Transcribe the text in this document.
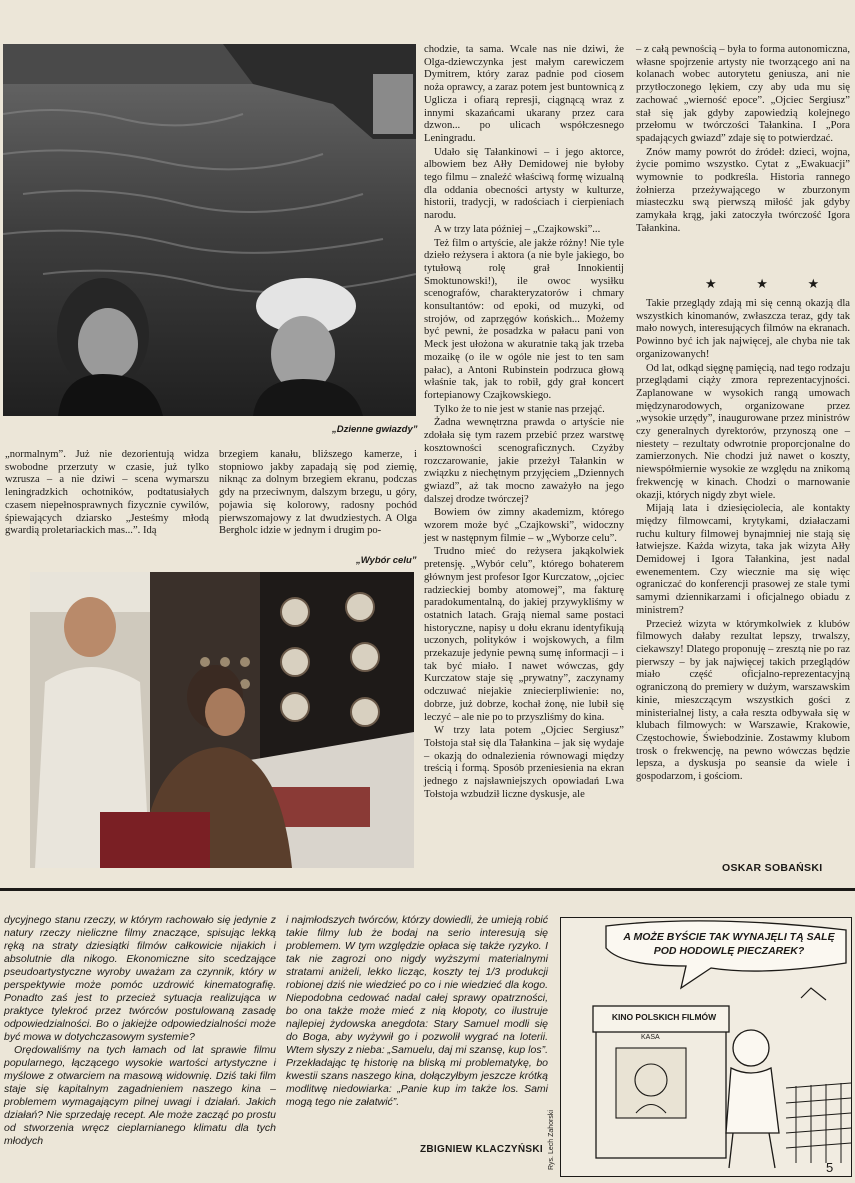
„Dzienne gwiazdy”

„normalnym”. Już nie dezorientują widza swobodne przerzuty w czasie, już tylko wzrusza – a nie dziwi – scena wymarszu leningradzkich ochotników, podtatusiałych czasem niepełnosprawnych fizycznie cywilów, śpiewających dziarsko „Jesteśmy młodą gwardią proletariackich mas...”. Idą

brzegiem kanału, bliższego kamerze, i stopniowo jakby zapadają się pod ziemię, niknąc za dolnym brzegiem ekranu, podczas gdy na przeciwnym, dalszym brzegu, u góry, pojawia się kolorowy, radosny pochód pierwszomajowy z lat dwudziestych. A Olga Bergholc idzie w jednym i drugim po-

„Wybór celu”

chodzie, ta sama. Wcale nas nie dziwi, że Olga-dziewczynka jest małym carewiczem Dymitrem, który zaraz padnie pod ciosem noża oprawcy, a zaraz potem jest buntownicą z Uglicza i ofiarą represji, ciągnącą wraz z innymi skazańcami ukarany przez cara dzwon... po ulicach współczesnego Leningradu.

Udało się Tałankinowi – i jego aktorce, albowiem bez Ałły Demidowej nie byłoby tego filmu – znaleźć właściwą formę wizualną dla oddania obecności artysty w kulturze, historii, tradycji, w radościach i cierpieniach narodu.

A w trzy lata później – „Czajkowski”...

Też film o artyście, ale jakże różny! Nie tyle dzieło reżysera i aktora (a nie byle jakiego, bo tytułową rolę grał Innokientij Smoktunowski!), ile owoc wysiłku scenografów, charakteryzatorów i chmary konsultantów: od epoki, od muzyki, od strojów, od zaprzęgów końskich... Możemy być pewni, że posadzka w pałacu pani von Meck jest ułożona w akuratnie taką jak trzeba mozaikę (o ile w ogóle nie jest to ten sam pałac), a Antoni Rubinstein podrzuca głową właśnie tak, jak to robił, gdy grał koncert fortepianowy Czajkowskiego.

Tylko że to nie jest w stanie nas przejąć.

Żadna wewnętrzna prawda o artyście nie zdołała się tym razem przebić przez warstwę kosztowności scenograficznych. Czyżby rozczarowanie, jakie przeżył Tałankin w związku z niechętnym przyjęciem „Dziennych gwiazd”, aż tak mocno zaważyło na jego dalszej drodze twórczej?

Bowiem ów zimny akademizm, którego wzorem może być „Czajkowski”, widoczny jest w następnym filmie – w „Wyborze celu”.

Trudno mieć do reżysera jakąkolwiek pretensję. „Wybór celu”, którego bohaterem głównym jest profesor Igor Kurczatow, „ojciec radzieckiej bomby atomowej”, ma fakturę paradokumentalną, do jakiej przywykliśmy w ostatnich latach. Grają niemal same postaci historyczne, napisy u dołu ekranu identyfikują uczonych, polityków i wojskowych, a film przekazuje jedynie pewną sumę informacji – i tak być miało. I nawet wówczas, gdy Kurczatow staje się „prywatny”, zaczynamy odczuwać niejakie zniecierpliwienie: no, dobrze, już dobrze, kochał żonę, nie lubił się leczyć – ale nie po to przyszliśmy do kina.

W trzy lata potem „Ojciec Sergiusz” Tołstoja stał się dla Tałankina – jak się wydaje – okazją do odnalezienia równowagi między treścią i formą. Sposób przeniesienia na ekran jednego z najsławniejszych opowiadań Lwa Tołstoja wzbudził liczne dyskusje, ale

– z całą pewnością – była to forma autonomiczna, własne spojrzenie artysty nie tworzącego ani na kolanach wobec autorytetu geniusza, ani nie przytłoczonego lękiem, czy aby uda mu się zachować „wierność epoce”. „Ojciec Sergiusz” stał się jak gdyby zapowiedzią kolejnego przełomu w twórczości Tałankina. I „Pora spadających gwiazd” zdaje się to potwierdzać.

Znów mamy powrót do źródeł: dzieci, wojna, życie pomimo wszystko. Cytat z „Ewakuacji” wymownie to podkreśla. Historia rannego żołnierza przeżywającego w zburzonym miasteczku swą pierwszą miłość jak gdyby zamykała krąg, jaki zatoczyła twórczość Igora Tałankina.

★ ★ ★

Takie przeglądy zdają mi się cenną okazją dla wszystkich kinomanów, zwłaszcza teraz, gdy tak mało nowych, interesujących filmów na ekranach. Powinno być ich jak najwięcej, ale chyba nie tak organizowanych!

Od lat, odkąd sięgnę pamięcią, nad tego rodzaju przeglądami ciąży zmora reprezentacyjności. Zaplanowane w wysokich rangą umowach międzynarodowych, organizowane przez „wysokie urzędy”, inaugurowane przez ministrów czy generalnych dyrektorów, przynoszą one – niestety – rezultaty odwrotnie proporcjonalne do zamierzonych. Nie chodzi już nawet o koszty, niewspółmiernie wysokie ze względu na znikomą frekwencję w kinach. Chodzi o marnowanie okazji, których nigdy zbyt wiele.

Mijają lata i dziesięciolecia, ale kontakty między filmowcami, krytykami, działaczami ruchu kultury filmowej bynajmniej nie stają się łatwiejsze. Każda wizyta, taka jak wizyta Ałły Demidowej i Igora Tałankina, jest nadal ewenementem. Czy wiecznie ma się więc ograniczać do konferencji prasowej ze stale tymi samymi dziennikarzami i oficjalnego obiadu z ministrem?

Przecież wizyta w którymkolwiek z klubów filmowych dałaby rezultat lepszy, trwalszy, ciekawszy! Dlatego proponuję – zresztą nie po raz pierwszy – by jak najwięcej takich przeglądów miało część oficjalno-reprezentacyjną ograniczoną do premiery w dużym, warszawskim kinie, mieszczącym wszystkich gości z ministerialnej listy, a cała reszta odbywała się w klubach filmowych: w Warszawie, Krakowie, Częstochowie, Świebodzinie. Zostawmy klubom trosk o frekwencję, na pewno wówczas będzie lepsza, a dyskusja po seansie da wiele i gospodarzom, i gościom.

OSKAR SOBAŃSKI

dycyjnego stanu rzeczy, w którym rachowało się jedynie z natury rzeczy nieliczne filmy znaczące, spisując lekką ręką na straty dziesiątki filmów całkowicie nijakich i absolutnie dla nikogo. Ekonomiczne sito scedzające pseudoartystyczne wyroby uważam za czynnik, który w perspektywie może pomóc uzdrowić kinematografię. Ponadto zaś jest to przecież sytuacja realizująca w praktyce tylekroć przez twórców postulowaną zasadę odpowiedzialności. Bo o jakiejże odpowiedzialności może być mowa w dotychczasowym systemie?

Orędowaliśmy na tych łamach od lat sprawie filmu popularnego, łączącego wysokie wartości artystyczne i myślowe z otwarciem na masową widownię. Dziś taki film staje się kapitalnym zagadnieniem naszego kina – problemem wymagającym pilnej uwagi i działań. Jakich działań? Nie sprzedaję recept. Ale może zacząć po prostu od stworzenia wręcz cieplarnianego klimatu dla tych młodych

i najmłodszych twórców, którzy dowiedli, że umieją robić takie filmy lub że bodaj na serio interesują się problemem. W tym względzie opłaca się także ryzyko. I tak nie zagrozi ono nigdy wyższymi materialnymi stratami aniżeli, lekko licząc, koszty tej 1/3 produkcji robionej dziś nie wiedzieć po co i nie wiedzieć dla kogo. Niepodobna cedować nadal całej sprawy opatrzności, bo ona także może mieć z nią kłopoty, co ilustruje najlepiej żydowska anegdota: Stary Samuel modli się do Boga, aby wyżywił go i pozwolił wygrać na loterii. Wtem słyszy z nieba: „Samuelu, daj mi szansę, kup los”. Przekładając tę historię na bliską mi problematykę, bo kwestii szans naszego kina, dołączyłbym jeszcze krótką modlitwę niedowiarka: „Panie kup im także los. Sami mogą tego nie załatwić”.

ZBIGNIEW KLACZYŃSKI
A MOŻE BYŚCIE TAK WYNAJĘLI TĄ SALĘ POD HODOWLĘ PIECZAREK?
KINO POLSKICH FILMÓW
KASA
Rys. Lech Zahorski	5
